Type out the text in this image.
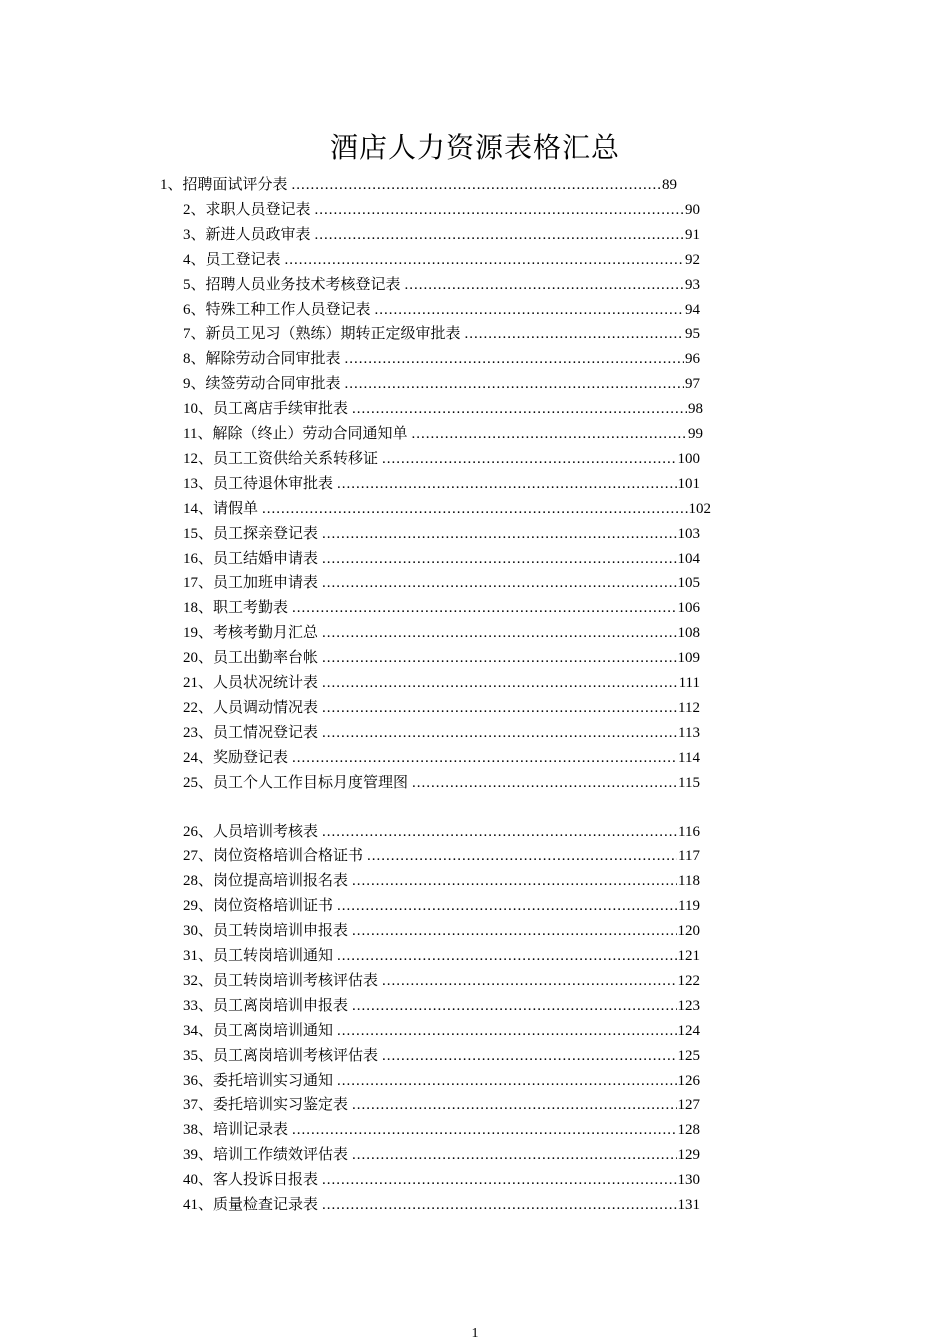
酒店人力资源表格汇总
1、招聘面试评分表 .....	89
2、求职人员登记表 .....	90
3、新进人员政审表 .....	91
4、员工登记表 .....	92
5、招聘人员业务技术考核登记表 .....	93
6、特殊工种工作人员登记表 .....	94
7、新员工见习（熟练）期转正定级审批表 .....	95
8、解除劳动合同审批表 .....	96
9、续签劳动合同审批表 .....	97
10、员工离店手续审批表 .....	98
11、解除（终止）劳动合同通知单 .....	99
12、员工工资供给关系转移证 .....	100
13、员工待退休审批表 .....	101
14、请假单 .....	102
15、员工探亲登记表 .....	103
16、员工结婚申请表 .....	104
17、员工加班申请表 .....	105
18、职工考勤表 .....	106
19、考核考勤月汇总 .....	108
20、员工出勤率台帐 .....	109
21、人员状况统计表 .....	111
22、人员调动情况表 .....	112
23、员工情况登记表 .....	113
24、奖励登记表 .....	114
25、员工个人工作目标月度管理图 .....	115
26、人员培训考核表 .....	116
27、岗位资格培训合格证书 .....	117
28、岗位提高培训报名表 .....	118
29、岗位资格培训证书 .....	119
30、员工转岗培训申报表 .....	120
31、员工转岗培训通知 .....	121
32、员工转岗培训考核评估表 .....	122
33、员工离岗培训申报表 .....	123
34、员工离岗培训通知 .....	124
35、员工离岗培训考核评估表 .....	125
36、委托培训实习通知 .....	126
37、委托培训实习鉴定表 .....	127
38、培训记录表 .....	128
39、培训工作绩效评估表 .....	129
40、客人投诉日报表 .....	130
41、质量检查记录表 .....	131
1
